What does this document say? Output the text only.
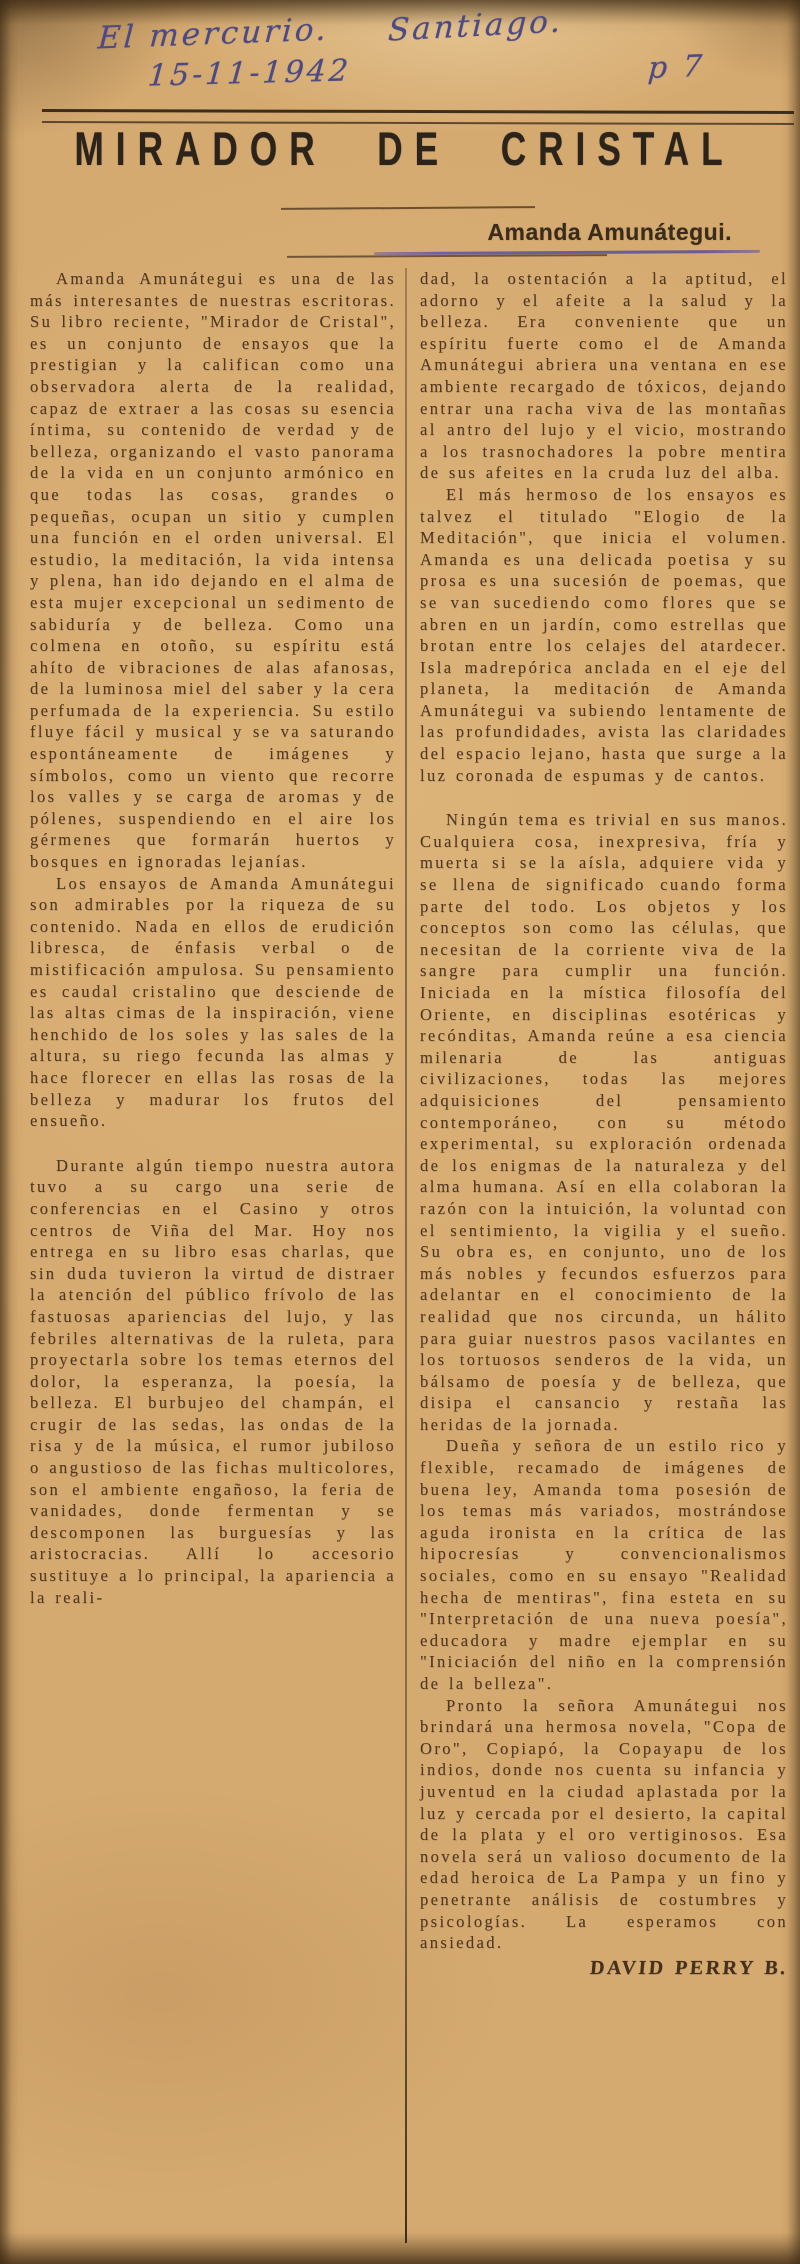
El mercurio. Santiago.
15-11-1942	p 7
MIRADOR DE CRISTAL
Amanda Amunátegui.

Amanda Amunátegui es una de las más interesantes de nuestras escritoras. Su libro reciente, "Mirador de Cristal", es un conjunto de ensayos que la prestigian y la califican como una observadora alerta de la realidad, capaz de extraer a las cosas su esencia íntima, su contenido de verdad y de belleza, organizando el vasto panorama de la vida en un conjunto armónico en que todas las cosas, grandes o pequeñas, ocupan un sitio y cumplen una función en el orden universal. El estudio, la meditación, la vida intensa y plena, han ido dejando en el alma de esta mujer excepcional un sedimento de sabiduría y de belleza. Como una colmena en otoño, su espíritu está ahíto de vibraciones de alas afanosas, de la luminosa miel del saber y la cera perfumada de la experiencia. Su estilo fluye fácil y musical y se va saturando espontáneamente de imágenes y símbolos, como un viento que recorre los valles y se carga de aromas y de pólenes, suspendiendo en el aire los gérmenes que formarán huertos y bosques en ignoradas lejanías.

Los ensayos de Amanda Amunátegui son admirables por la riqueza de su contenido. Nada en ellos de erudición libresca, de énfasis verbal o de mistificación ampulosa. Su pensamiento es caudal cristalino que desciende de las altas cimas de la inspiración, viene henchido de los soles y las sales de la altura, su riego fecunda las almas y hace florecer en ellas las rosas de la belleza y madurar los frutos del ensueño.

Durante algún tiempo nuestra autora tuvo a su cargo una serie de conferencias en el Casino y otros centros de Viña del Mar. Hoy nos entrega en su libro esas charlas, que sin duda tuvieron la virtud de distraer la atención del público frívolo de las fastuosas apariencias del lujo, y las febriles alternativas de la ruleta, para proyectarla sobre los temas eternos del dolor, la esperanza, la poesía, la belleza. El burbujeo del champán, el crugir de las sedas, las ondas de la risa y de la música, el rumor jubiloso o angustioso de las fichas multicolores, son el ambiente engañoso, la feria de vanidades, donde fermentan y se descomponen las burguesías y las aristocracias. Allí lo accesorio sustituye a lo principal, la apariencia a la reali-

dad, la ostentación a la aptitud, el adorno y el afeite a la salud y la belleza. Era conveniente que un espíritu fuerte como el de Amanda Amunátegui abriera una ventana en ese ambiente recargado de tóxicos, dejando entrar una racha viva de las montañas al antro del lujo y el vicio, mostrando a los trasnochadores la pobre mentira de sus afeites en la cruda luz del alba.

El más hermoso de los ensayos es talvez el titulado "Elogio de la Meditación", que inicia el volumen. Amanda es una delicada poetisa y su prosa es una sucesión de poemas, que se van sucediendo como flores que se abren en un jardín, como estrellas que brotan entre los celajes del atardecer. Isla madrepórica anclada en el eje del planeta, la meditación de Amanda Amunátegui va subiendo lentamente de las profundidades, avista las claridades del espacio lejano, hasta que surge a la luz coronada de espumas y de cantos.

Ningún tema es trivial en sus manos. Cualquiera cosa, inexpresiva, fría y muerta si se la aísla, adquiere vida y se llena de significado cuando forma parte del todo. Los objetos y los conceptos son como las células, que necesitan de la corriente viva de la sangre para cumplir una función. Iniciada en la mística filosofía del Oriente, en disciplinas esotéricas y recónditas, Amanda reúne a esa ciencia milenaria de las antiguas civilizaciones, todas las mejores adquisiciones del pensamiento contemporáneo, con su método experimental, su exploración ordenada de los enigmas de la naturaleza y del alma humana. Así en ella colaboran la razón con la intuición, la voluntad con el sentimiento, la vigilia y el sueño. Su obra es, en conjunto, uno de los más nobles y fecundos esfuerzos para adelantar en el conocimiento de la realidad que nos circunda, un hálito para guiar nuestros pasos vacilantes en los tortuosos senderos de la vida, un bálsamo de poesía y de belleza, que disipa el cansancio y restaña las heridas de la jornada.

Dueña y señora de un estilo rico y flexible, recamado de imágenes de buena ley, Amanda toma posesión de los temas más variados, mostrándose aguda ironista en la crítica de las hipocresías y convencionalismos sociales, como en su ensayo "Realidad hecha de mentiras", fina esteta en su "Interpretación de una nueva poesía", educadora y madre ejemplar en su "Iniciación del niño en la comprensión de la belleza".

Pronto la señora Amunátegui nos brindará una hermosa novela, "Copa de Oro", Copiapó, la Copayapu de los indios, donde nos cuenta su infancia y juventud en la ciudad aplastada por la luz y cercada por el desierto, la capital de la plata y el oro vertiginosos. Esa novela será un valioso documento de la edad heroica de La Pampa y un fino y penetrante análisis de costumbres y psicologías. La esperamos con ansiedad.

DAVID PERRY B.
